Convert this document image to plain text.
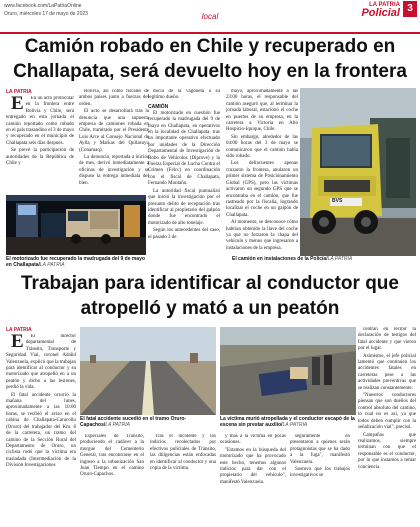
www.facebook.com/LaPatriaOnline
Oruro, miércoles 17 de mayo de 2023	local
LA PATRIA
Policial 3
Camión robado en Chile y recuperado en Challapata, será devuelto hoy en la frontera
LA PATRIA

E	En un acto protocolar en la frontera entre Bolivia y Chile, será entregado en esta jornada el camión reportado como robado en el país trasandino el 3 de mayo y recuperado en el municipio de Challapata seis días después.

Se prevé la participación de autoridades de la República de Chile y

Bolivia, así como fiscales de ambos países junto a fuerzas del orden.

El acto se desarrollará tras la denuncia que una supuesta empresa de camiones robada en Chile, tramitado por el Presidente Luis Arce al Consejo Nacional de Aylla y Markas del Qullasuyu (Conamaq).

La denuncia, reportada a inicios de mes, derivó inmediatamente a oficinas de investigación y se dispuso la entrega inmediata del bien.

ducía de la vagoneta a su legítimo dueño.

CAMIÓN

El motorizado en cuestión fue recuperado la madrugada del 9 de mayo en Challapata, en operativos en la localidad de Challapata, tras un importante operativo efectuado por unidades de la Dirección Departamental de Investigación de Robo de Vehículos (Diprove) y la Fuerza Especial de Lucha Contra el Crimen (Felcc) en coordinación con el fiscal de Challapata, Fernando Montaño.

La autoridad fiscal puntualizó que inició la investigación por el presunto delito de receptación tras identificar al propietario del galpón donde fue encontrado el motorizado de alto tonelaje.

Según los antecedentes del caso, el pasado 3 de

mayo, aproximadamente a las 23:00 horas, el responsable del camión aseguró que, al terminar la jornada laboral, estacionó el coche en puertos de su empresa, en la carretera a Victoria en Alto Hospicio-Iquique, Chile.

Sin embargo, alrededor de las 04:00 horas del 3 de mayo se comunicaron que el camión había sido robado.

Los delincuentes apenas cruzaron la frontera, anularon un primer sistema de Posicionamiento Global (GPS), pero las víctimas activaron un segundo GPS que se encontraba en el camión, que fue rastreado por la fiscalía, logrando localizar el coche en un galpón de Challapata.

Al momento, se desconoce cómo habrían obtenido la llave del coche ya que no forzaron la chapa del vehículo y menos que ingresaron a instalaciones de la empresa.

El motorizado fue recuperado la madrugada del 9 de mayo en Challapata/LA PATRIA
BVS
El camión en instalaciones de la Policía/LA PATRIA
Trabajan para identificar al conductor que atropelló y mató a un peatón
LA PATRIA

E	El director departamental de Tránsito, Transporte y Seguridad Vial, coronel Adalid Valenzuela, explicó que la trabajan para identificar al conductor y su motorizado que atropelló en a un peatón y dicho a las lesiones, perdió la vida.

El fatal accidente ocurrió la mañana del lunes, aproximadamente a las 10:00 horas, se recibió el aviso en el cabina de Challapata-Caracollo (Oruro) del trabajador del Km. 8 de la carretera, un tramo del camino de la Sección Rural del Departamento de Oruro, un ciclista rodó que la víctima era trasladada (Intermediación de la División Investigaciones

El fatal accidente sucedió en el tramo Oruro-Capachos/LA PATRIA
La víctima murió atropellada y el conductor escapó de la escena sin prestar auxilio/LA PATRIA

Especiales de Tránsito, produciendo el cadáver a la morgue del Cementerio General, tras encontrarse en el ingreso a la urbanización San Juan Tiempo en el camino Oruro-Capachos.

Tras el incidente y los indicios recolectados por efectivos policiales de Tránsito, las diligencias están enfocadas en identificar al conductor y una copia de la víctima.

y más a la víctima en pocas ocasiones.

"Estamos en la búsqueda del motorizado que ha provocado este hecho, tenemos algunos indicios para dar con el propietario del vehículo", manifestó Valenzuela.

seguramente en presentaron a quienes serán protagonistas que se ha dado a la fuga", manifestó Valenzuela.

Sostuvo que los trabajos investigativos se

centran en recibir la declaración de testigos del fatal accidente y que vieron por el lugar.

Asimismo, el jefe policial lamentó que continúen los accidentes fatales en carreteras pese a las actividades preventivas que se realizan constantemente.

"Nuestros conductores piensan que son dueños del control absoluto del camino, lo cual no es así, ya que todos deben cumplir con la señalización vial", precisó.

Campañas que realizamos, siempre terminan con que el responsable es el conductor, por lo que instamos a tomar conciencia.
